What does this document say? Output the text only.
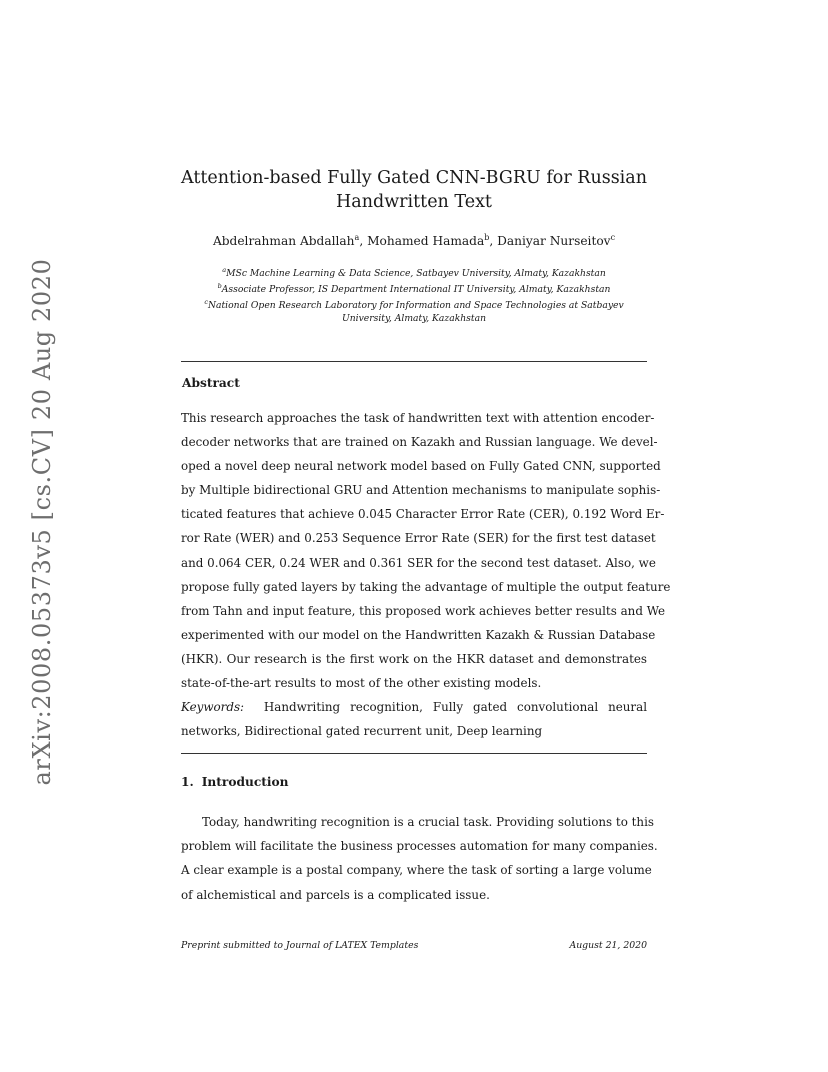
arXiv:2008.05373v5 [cs.CV] 20 Aug 2020
Attention-based Fully Gated CNN-BGRU for Russian
Handwritten Text
Abdelrahman Abdallah$^a$, Mohamed Hamada$^b$, Daniyar Nurseitov$^c$
$^a$MSc Machine Learning & Data Science, Satbayev University, Almaty, Kazakhstan
$^b$Associate Professor, IS Department International IT University, Almaty, Kazakhstan
$^c$National Open Research Laboratory for Information and Space Technologies at Satbayev
University, Almaty, Kazakhstan
Abstract
This research approaches the task of handwritten text with attention encoder-
decoder networks that are trained on Kazakh and Russian language. We devel-
oped a novel deep neural network model based on Fully Gated CNN, supported
by Multiple bidirectional GRU and Attention mechanisms to manipulate sophis-
ticated features that achieve 0.045 Character Error Rate (CER), 0.192 Word Er-
ror Rate (WER) and 0.253 Sequence Error Rate (SER) for the first test dataset
and 0.064 CER, 0.24 WER and 0.361 SER for the second test dataset. Also, we
propose fully gated layers by taking the advantage of multiple the output feature
from Tahn and input feature, this proposed work achieves better results and We
experimented with our model on the Handwritten Kazakh & Russian Database
(HKR). Our research is the first work on the HKR dataset and demonstrates
state-of-the-art results to most of the other existing models.
Keywords: Handwriting recognition, Fully gated convolutional neural
networks, Bidirectional gated recurrent unit, Deep learning
1. Introduction
Today, handwriting recognition is a crucial task. Providing solutions to this
problem will facilitate the business processes automation for many companies.
A clear example is a postal company, where the task of sorting a large volume
of alchemistical and parcels is a complicated issue.
Preprint submitted to Journal of LATEX Templates	August 21, 2020
